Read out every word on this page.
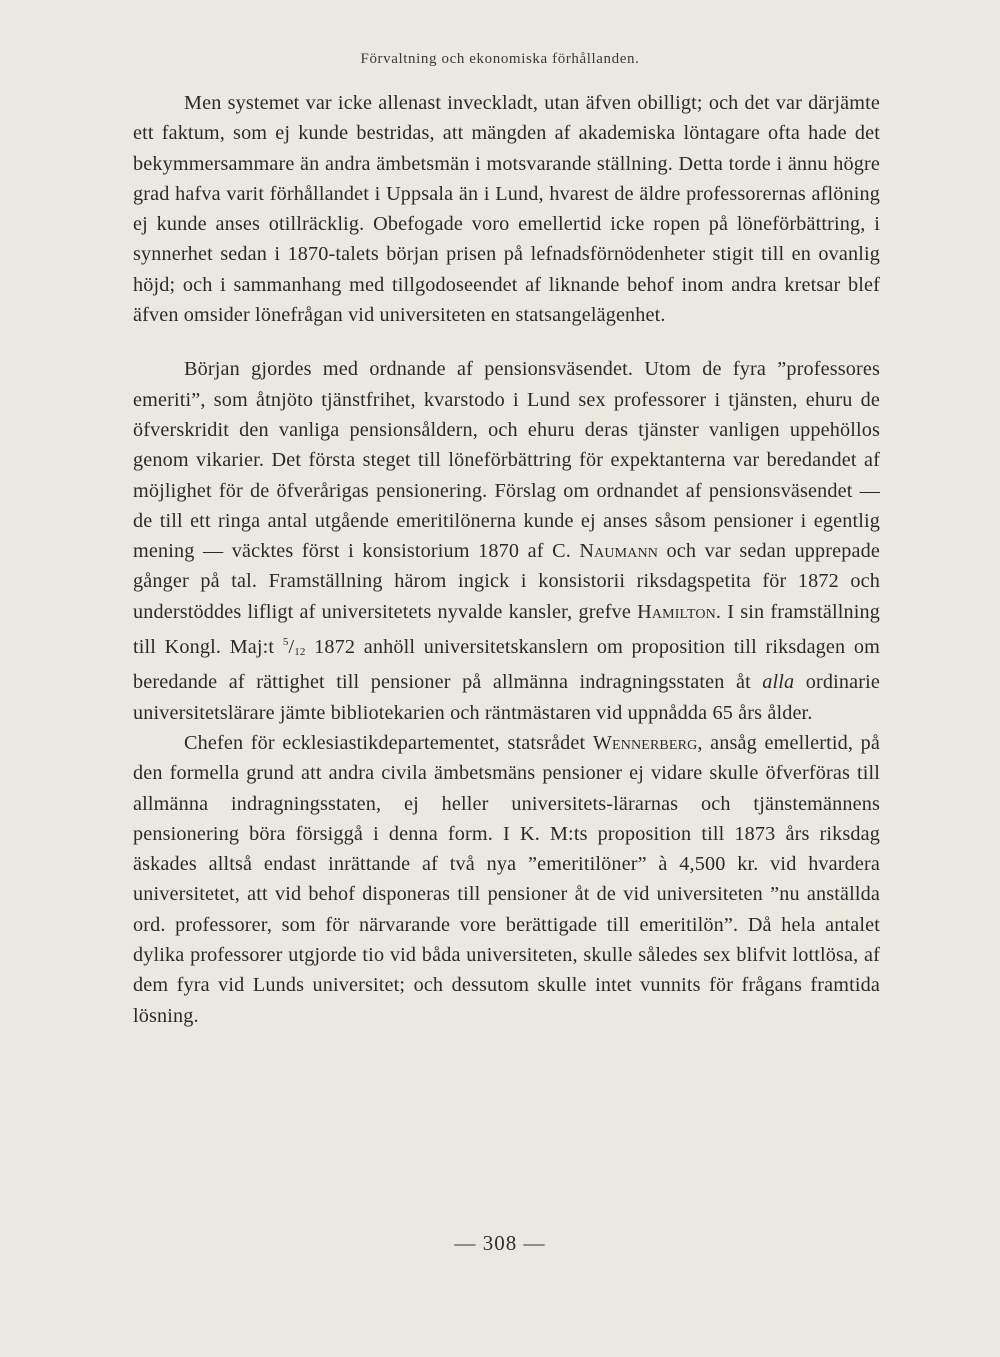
Förvaltning och ekonomiska förhållanden.

Men systemet var icke allenast inveckladt, utan äfven obilligt; och det var därjämte ett faktum, som ej kunde bestridas, att mängden af akademiska löntagare ofta hade det bekymmersammare än andra ämbetsmän i motsvarande ställning. Detta torde i ännu högre grad hafva varit förhållandet i Uppsala än i Lund, hvarest de äldre professorernas aflöning ej kunde anses otillräcklig. Obefogade voro emellertid icke ropen på löneförbättring, i synnerhet sedan i 1870-talets början prisen på lefnadsförnödenheter stigit till en ovanlig höjd; och i sammanhang med tillgodoseendet af liknande behof inom andra kretsar blef äfven omsider lönefrågan vid universiteten en statsangelägenhet.

Början gjordes med ordnande af pensionsväsendet. Utom de fyra ”professores emeriti”, som åtnjöto tjänstfrihet, kvarstodo i Lund sex professorer i tjänsten, ehuru de öfverskridit den vanliga pensionsåldern, och ehuru deras tjänster vanligen uppehöllos genom vikarier. Det första steget till löneförbättring för expektanterna var beredandet af möjlighet för de öfverårigas pensionering. Förslag om ordnandet af pensionsväsendet — de till ett ringa antal utgående emeritilönerna kunde ej anses såsom pensioner i egentlig mening — väcktes först i konsistorium 1870 af C. Naumann och var sedan upprepade gånger på tal. Framställning härom ingick i konsistorii riksdagspetita för 1872 och understöddes lifligt af universitetets nyvalde kansler, grefve Hamilton. I sin framställning till Kongl. Maj:t $^5/_{12}$ 1872 anhöll universitetskanslern om proposition till riksdagen om beredande af rättighet till pensioner på allmänna indragningsstaten åt alla ordinarie universitetslärare jämte bibliotekarien och räntmästaren vid uppnådda 65 års ålder.

Chefen för ecklesiastikdepartementet, statsrådet Wennerberg, ansåg emellertid, på den formella grund att andra civila ämbetsmäns pensioner ej vidare skulle öfverföras till allmänna indragningsstaten, ej heller universitets-lärarnas och tjänstemännens pensionering böra försiggå i denna form. I K. M:ts proposition till 1873 års riksdag äskades alltså endast inrättande af två nya ”emeritilöner” à 4,500 kr. vid hvardera universitetet, att vid behof disponeras till pensioner åt de vid universiteten ”nu anställda ord. professorer, som för närvarande vore berättigade till emeritilön”. Då hela antalet dylika professorer utgjorde tio vid båda universiteten, skulle således sex blifvit lottlösa, af dem fyra vid Lunds universitet; och dessutom skulle intet vunnits för frågans framtida lösning.

— 308 —
